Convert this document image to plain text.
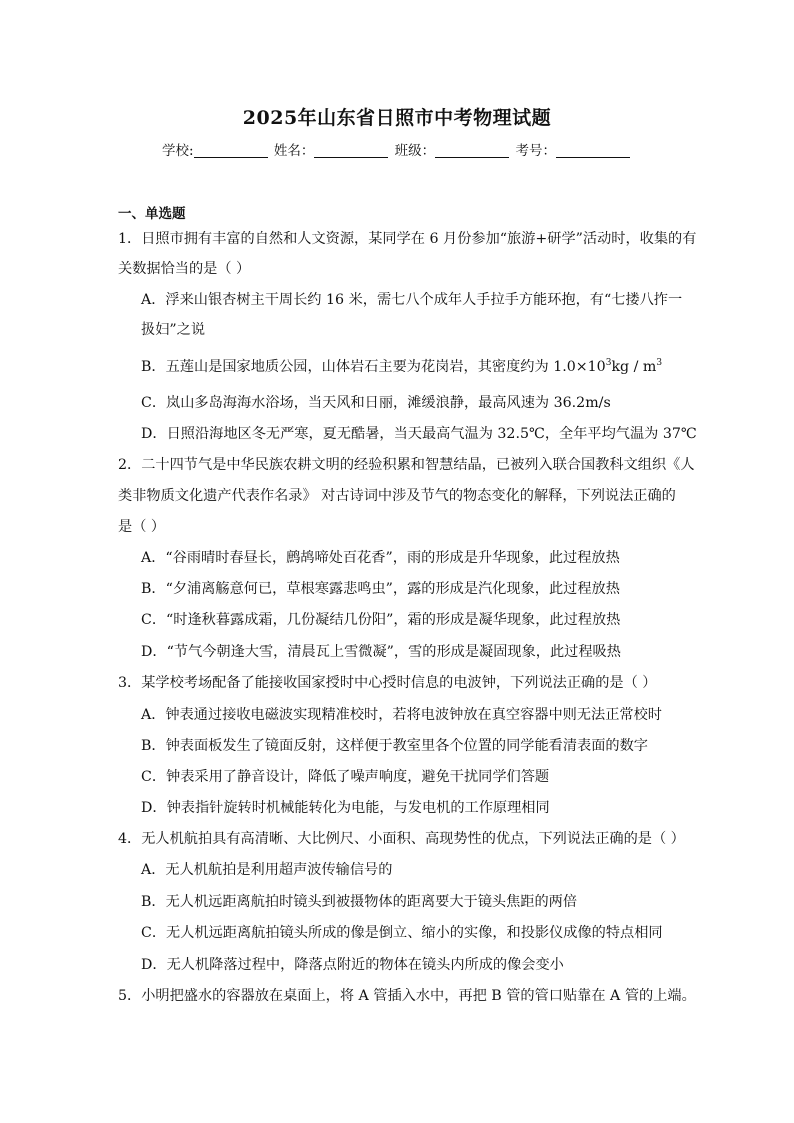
2025年山东省日照市中考物理试题
学校:	姓名：	班级：	考号：
一、单选题
1．日照市拥有丰富的自然和人文资源，某同学在 6 月份参加“旅游+研学”活动时，收集的有
关数据恰当的是（ ）
A．浮来山银杏树主干周长约 16 米，需七八个成年人手拉手方能环抱，有“七搂八拃一
扱妇”之说
B．五莲山是国家地质公园，山体岩石主要为花岗岩，其密度约为 $1.0\times 10^3kg / m^3$
C．岚山多岛海海水浴场，当天风和日丽，滩缓浪静，最高风速为 36.2m/s
D．日照沿海地区冬无严寒，夏无酷暑，当天最高气温为 32.5℃，全年平均气温为 37℃
2．二十四节气是中华民族农耕文明的经验积累和智慧结晶，已被列入联合国教科文组织《人
类非物质文化遗产代表作名录》 对古诗词中涉及节气的物态变化的解释，下列说法正确的
是（ ）
A．“谷雨晴时春昼长，鹧鸪啼处百花香”，雨的形成是升华现象，此过程放热
B．“夕浦离觞意何已，草根寒露悲鸣虫”，露的形成是汽化现象，此过程放热
C．“时逢秋暮露成霜，几份凝结几份阳”，霜的形成是凝华现象，此过程放热
D．“节气今朝逢大雪，清晨瓦上雪微凝”，雪的形成是凝固现象，此过程吸热
3．某学校考场配备了能接收国家授时中心授时信息的电波钟，下列说法正确的是（ ）
A．钟表通过接收电磁波实现精准校时，若将电波钟放在真空容器中则无法正常校时
B．钟表面板发生了镜面反射，这样便于教室里各个位置的同学能看清表面的数字
C．钟表采用了静音设计，降低了噪声响度，避免干扰同学们答题
D．钟表指针旋转时机械能转化为电能，与发电机的工作原理相同
4．无人机航拍具有高清晰、大比例尺、小面积、高现势性的优点，下列说法正确的是（ ）
A．无人机航拍是利用超声波传输信号的
B．无人机远距离航拍时镜头到被摄物体的距离要大于镜头焦距的两倍
C．无人机远距离航拍镜头所成的像是倒立、缩小的实像，和投影仪成像的特点相同
D．无人机降落过程中，降落点附近的物体在镜头内所成的像会变小
5．小明把盛水的容器放在桌面上，将 A 管插入水中，再把 B 管的管口贴靠在 A 管的上端。
